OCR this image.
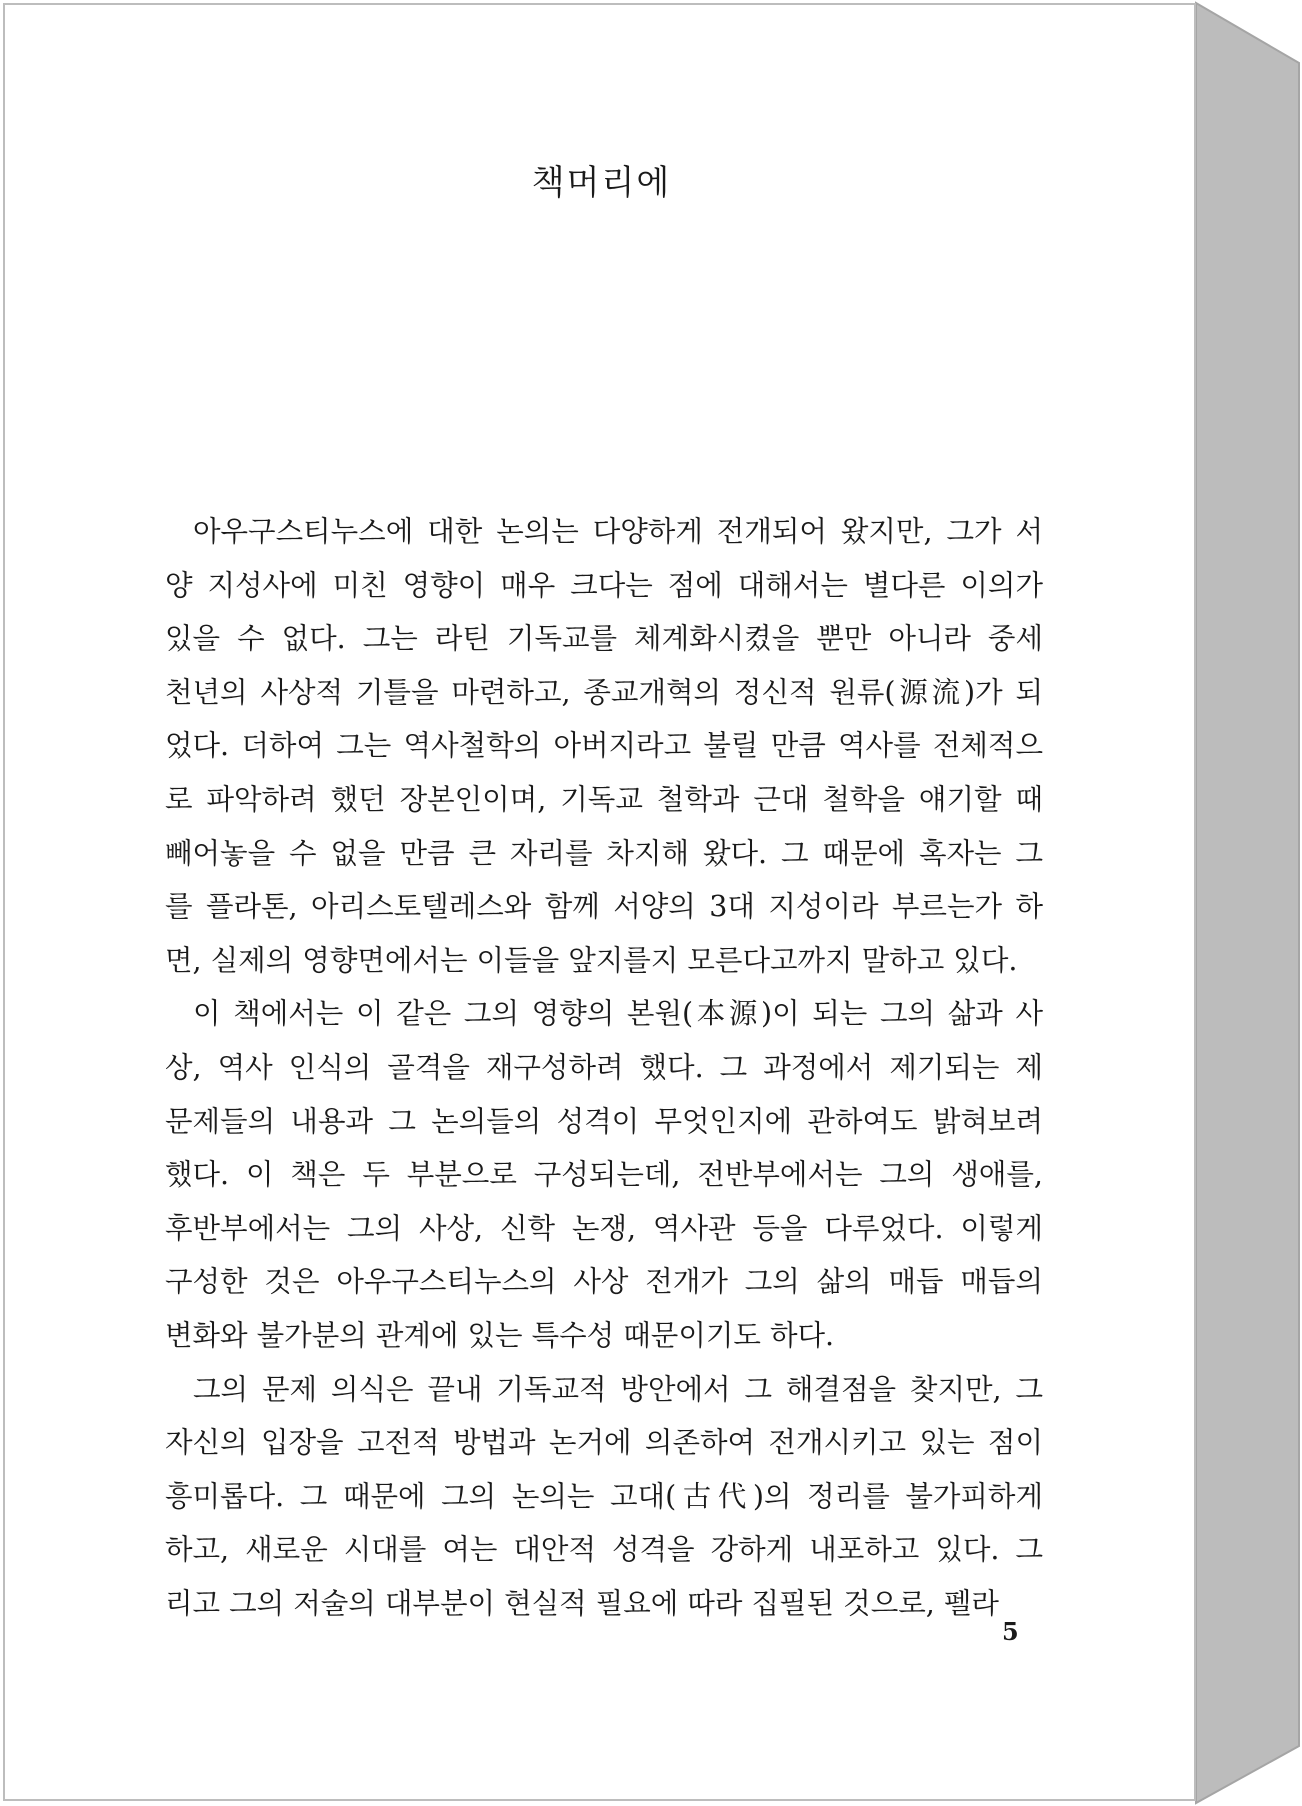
책머리에
아우구스티누스에 대한 논의는 다양하게 전개되어 왔지만, 그가 서
양 지성사에 미친 영향이 매우 크다는 점에 대해서는 별다른 이의가
있을 수 없다. 그는 라틴 기독교를 체계화시켰을 뿐만 아니라 중세
천년의 사상적 기틀을 마련하고, 종교개혁의 정신적 원류(源流)가 되
었다. 더하여 그는 역사철학의 아버지라고 불릴 만큼 역사를 전체적으
로 파악하려 했던 장본인이며, 기독교 철학과 근대 철학을 얘기할 때
빼어놓을 수 없을 만큼 큰 자리를 차지해 왔다. 그 때문에 혹자는 그
를 플라톤, 아리스토텔레스와 함께 서양의 3대 지성이라 부르는가 하
면, 실제의 영향면에서는 이들을 앞지를지 모른다고까지 말하고 있다.
이 책에서는 이 같은 그의 영향의 본원(本源)이 되는 그의 삶과 사
상, 역사 인식의 골격을 재구성하려 했다. 그 과정에서 제기되는 제
문제들의 내용과 그 논의들의 성격이 무엇인지에 관하여도 밝혀보려
했다. 이 책은 두 부분으로 구성되는데, 전반부에서는 그의 생애를,
후반부에서는 그의 사상, 신학 논쟁, 역사관 등을 다루었다. 이렇게
구성한 것은 아우구스티누스의 사상 전개가 그의 삶의 매듭 매듭의
변화와 불가분의 관계에 있는 특수성 때문이기도 하다.
그의 문제 의식은 끝내 기독교적 방안에서 그 해결점을 찾지만, 그
자신의 입장을 고전적 방법과 논거에 의존하여 전개시키고 있는 점이
흥미롭다. 그 때문에 그의 논의는 고대(古代)의 정리를 불가피하게
하고, 새로운 시대를 여는 대안적 성격을 강하게 내포하고 있다. 그
리고 그의 저술의 대부분이 현실적 필요에 따라 집필된 것으로, 펠라
5
